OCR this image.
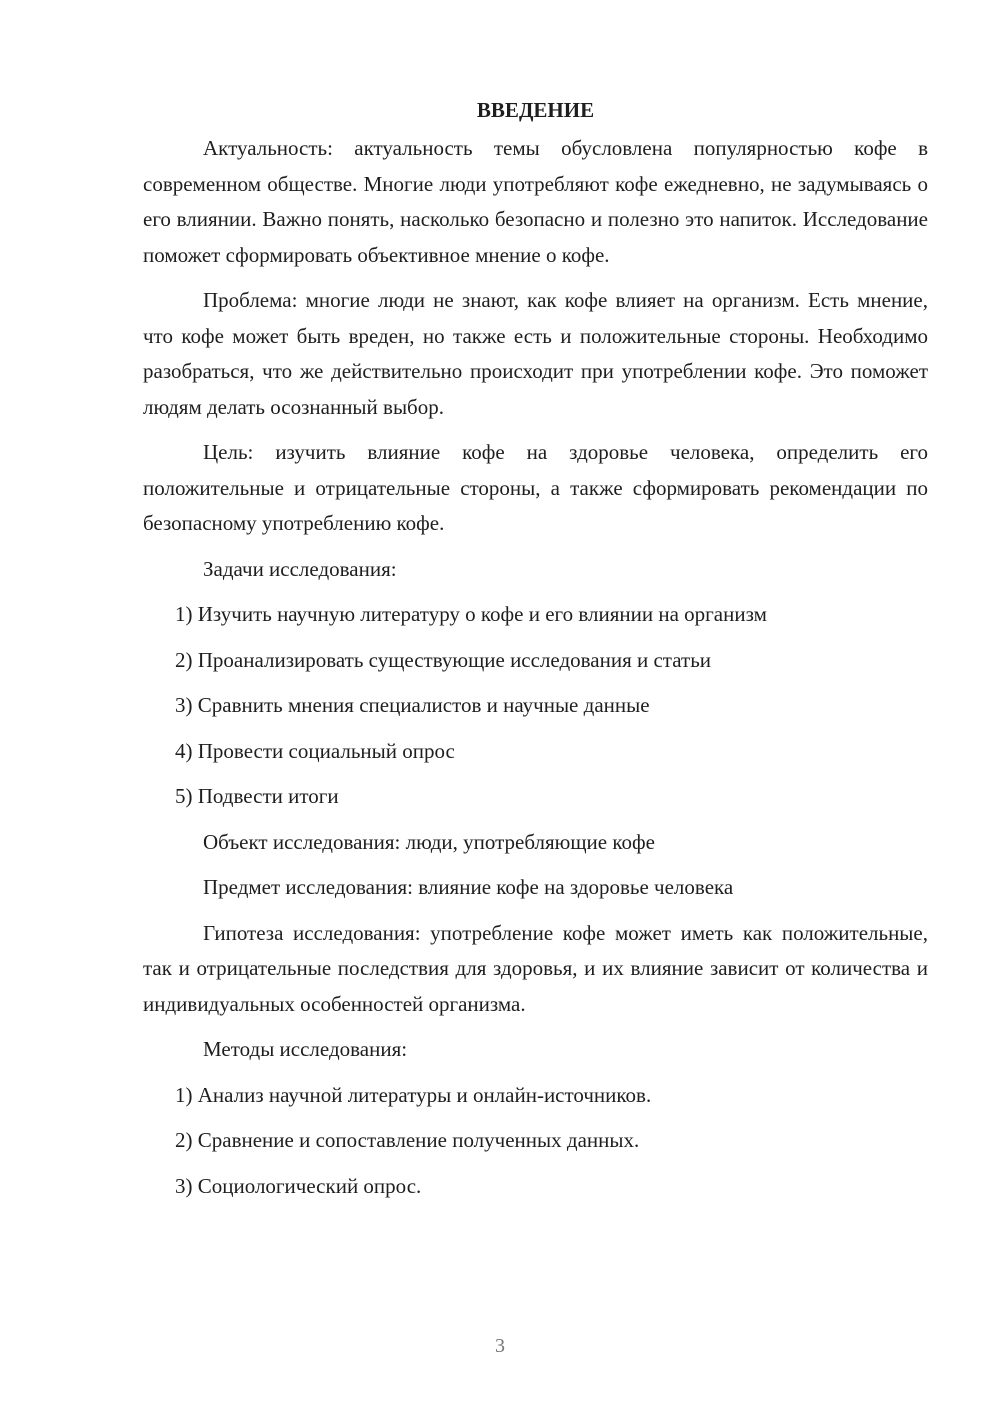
ВВЕДЕНИЕ

Актуальность: актуальность темы обусловлена популярностью кофе в современном обществе. Многие люди употребляют кофе ежедневно, не задумываясь о его влиянии. Важно понять, насколько безопасно и полезно это напиток. Исследование поможет сформировать объективное мнение о кофе.

Проблема: многие люди не знают, как кофе влияет на организм. Есть мнение, что кофе может быть вреден, но также есть и положительные стороны. Необходимо разобраться, что же действительно происходит при употреблении кофе. Это поможет людям делать осознанный выбор.

Цель: изучить влияние кофе на здоровье человека, определить его положительные и отрицательные стороны, а также сформировать рекомендации по безопасному употреблению кофе.

Задачи исследования:

1) Изучить научную литературу о кофе и его влиянии на организм
2) Проанализировать существующие исследования и статьи
3) Сравнить мнения специалистов и научные данные
4) Провести социальный опрос
5) Подвести итоги

Объект исследования: люди, употребляющие кофе

Предмет исследования: влияние кофе на здоровье человека

Гипотеза исследования: употребление кофе может иметь как положительные, так и отрицательные последствия для здоровья, и их влияние зависит от количества и индивидуальных особенностей организма.

Методы исследования:

1) Анализ научной литературы и онлайн-источников.
2) Сравнение и сопоставление полученных данных.
3) Социологический опрос.
3
